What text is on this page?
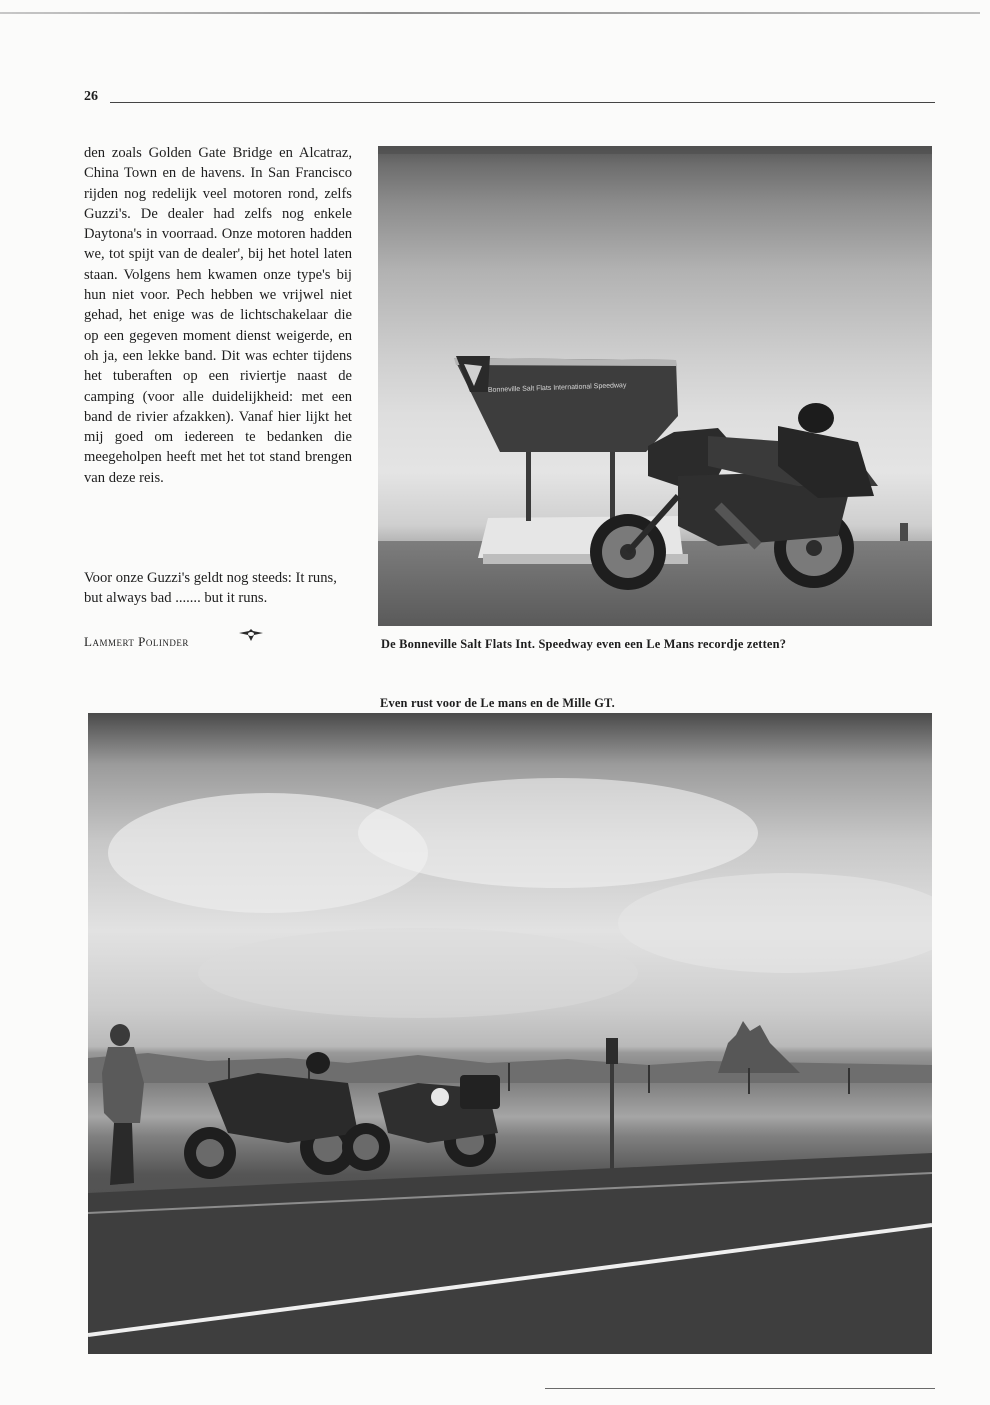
26

den zoals Golden Gate Bridge en Alcatraz, China Town en de havens. In San Francisco rijden nog redelijk veel motoren rond, zelfs Guzzi's. De dealer had zelfs nog enkele Daytona's in voorraad. Onze motoren hadden we, tot spijt van de dealer', bij het hotel laten staan. Volgens hem kwamen onze type's bij hun niet voor. Pech hebben we vrijwel niet gehad, het enige was de lichtschakelaar die op een gegeven moment dienst weigerde, en oh ja, een lekke band. Dit was echter tijdens het tuberaften op een riviertje naast de camping (voor alle duidelijkheid: met een band de rivier afzakken). Vanaf hier lijkt het mij goed om iedereen te bedanken die meegeholpen heeft met het tot stand brengen van deze reis.

Voor onze Guzzi's geldt nog steeds: It runs, but always bad ....... but it runs.

Lammert Polinder
Bonneville Salt Flats International Speedway
De Bonneville Salt Flats Int. Speedway even een Le Mans recordje zetten?
Even rust voor de Le mans en de Mille GT.
